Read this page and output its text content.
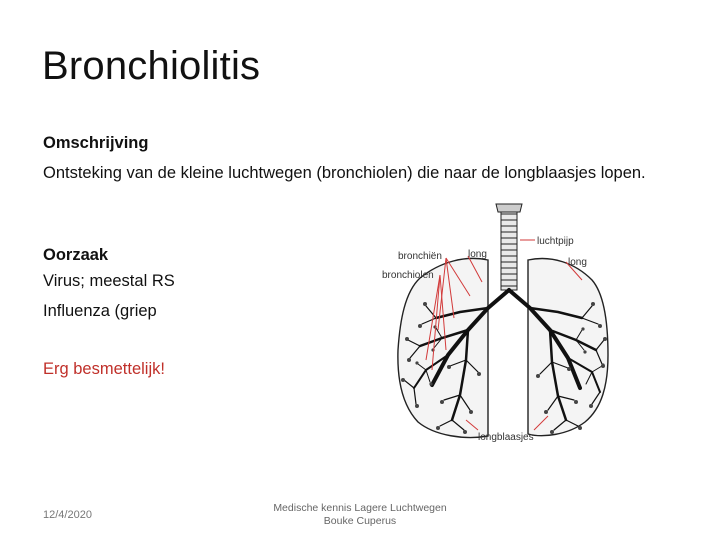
Bronchiolitis
Omschrijving
Ontsteking van de kleine luchtwegen (bronchiolen) die naar de longblaasjes lopen.
Oorzaak
Virus; meestal RS
Influenza (griep
Erg besmettelijk!
bronchiën	long
luchtpijp
long
bronchiolen
longblaasjes
12/4/2020
Medische kennis Lagere Luchtwegen
Bouke Cuperus
